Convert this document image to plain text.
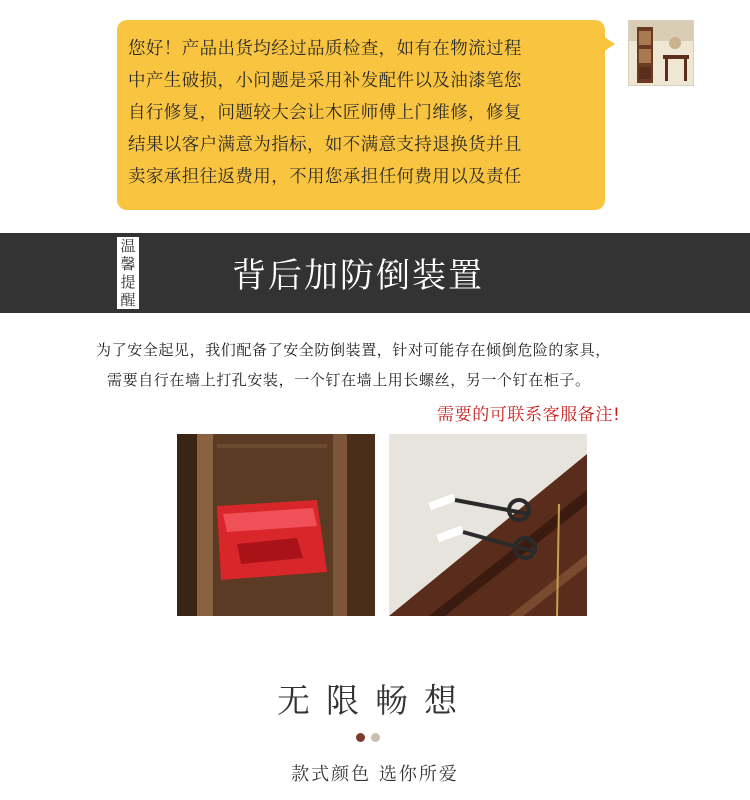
您好！产品出货均经过品质检查，如有在物流过程
中产生破损，小问题是采用补发配件以及油漆笔您
自行修复，问题较大会让木匠师傅上门维修，修复
结果以客户满意为指标，如不满意支持退换货并且
卖家承担往返费用，不用您承担任何费用以及责任
温
馨
提
醒
背后加防倒装置
为了安全起见，我们配备了安全防倒装置，针对可能存在倾倒危险的家具，
需要自行在墙上打孔安装，一个钉在墙上用长螺丝，另一个钉在柜子。
需要的可联系客服备注!
无限畅想
款式颜色 选你所爱
